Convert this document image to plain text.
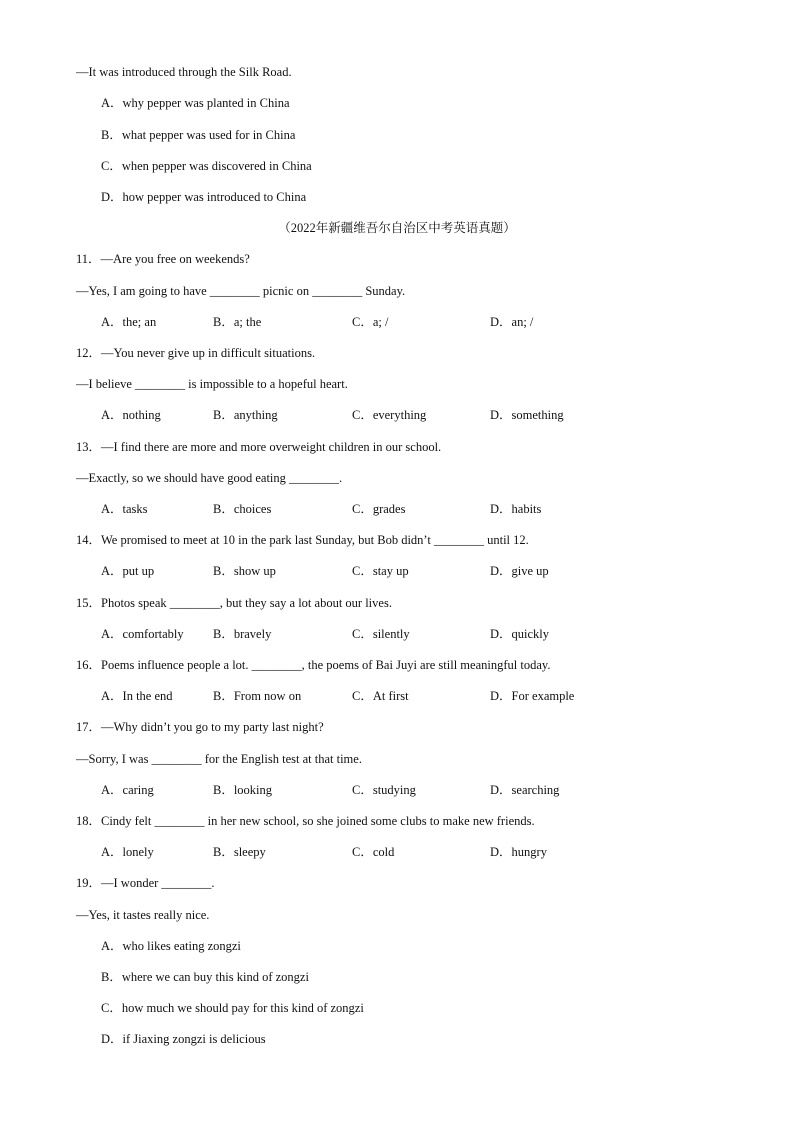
—It was introduced through the Silk Road.
A．why pepper was planted in China
B．what pepper was used for in China
C．when pepper was discovered in China
D．how pepper was introduced to China
（2022年新疆维吾尔自治区中考英语真题）
11．—Are you free on weekends?
—Yes, I am going to have ________ picnic on ________ Sunday.
A．the; an	B．a; the	C．a; /	D．an; /
12．—You never give up in difficult situations.
—I believe ________ is impossible to a hopeful heart.
A．nothing	B．anything	C．everything	D．something
13．—I find there are more and more overweight children in our school.
—Exactly, so we should have good eating ________.
A．tasks	B．choices	C．grades	D．habits
14．We promised to meet at 10 in the park last Sunday, but Bob didn’t ________ until 12.
A．put up	B．show up	C．stay up	D．give up
15．Photos speak ________, but they say a lot about our lives.
A．comfortably B．bravely	C．silently	D．quickly
16．Poems influence people a lot. ________, the poems of Bai Juyi are still meaningful today.
A．In the end	B．From now on	C．At first	D．For example
17．—Why didn’t you go to my party last night?
—Sorry, I was ________ for the English test at that time.
A．caring	B．looking	C．studying	D．searching
18．Cindy felt ________ in her new school, so she joined some clubs to make new friends.
A．lonely	B．sleepy	C．cold	D．hungry
19．—I wonder ________.
—Yes, it tastes really nice.
A．who likes eating zongzi
B．where we can buy this kind of zongzi
C．how much we should pay for this kind of zongzi
D．if Jiaxing zongzi is delicious
